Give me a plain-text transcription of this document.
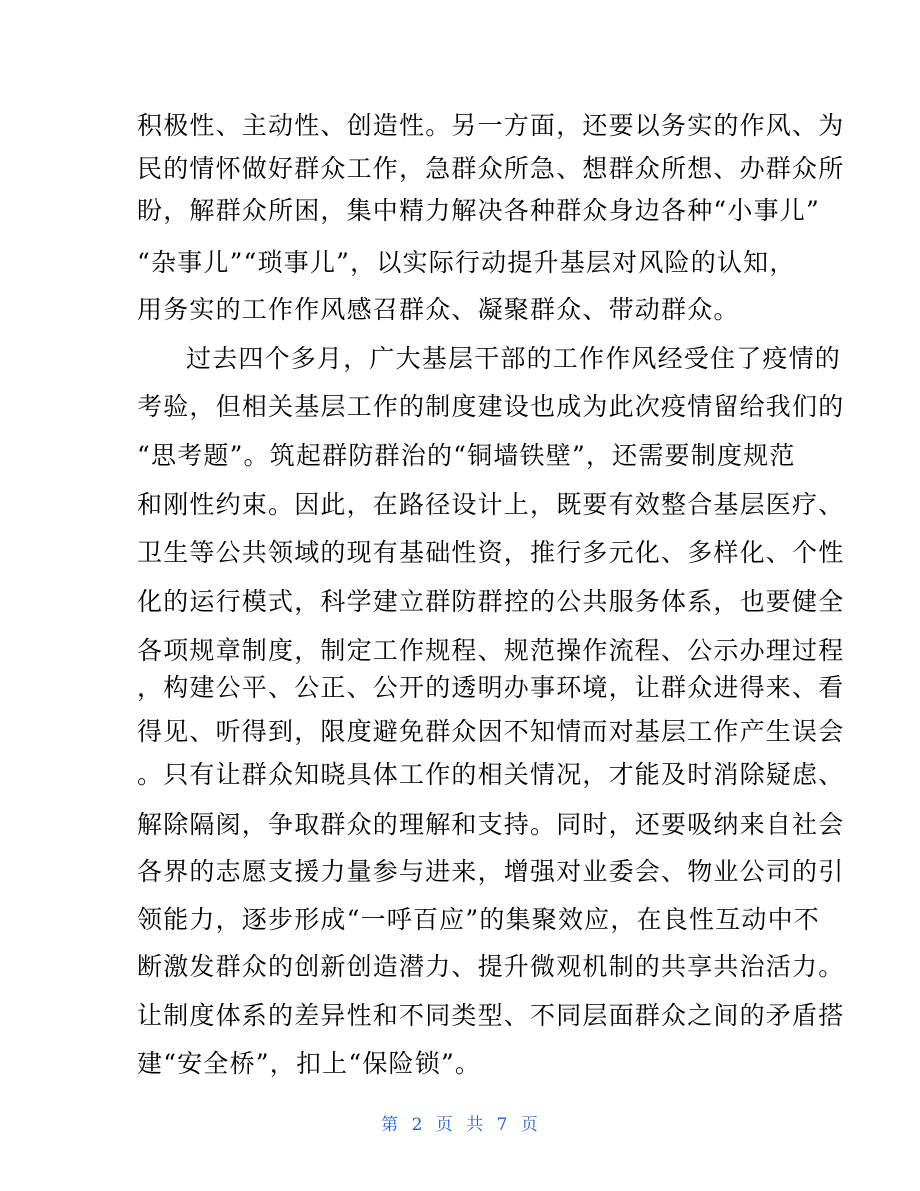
积极性、主动性、创造性。另一方面，还要以务实的作风、为
民的情怀做好群众工作，急群众所急、想群众所想、办群众所
盼，解群众所困，集中精力解决各种群众身边各种“小事儿”
“杂事儿”“琐事儿”，以实际行动提升基层对风险的认知，
用务实的工作作风感召群众、凝聚群众、带动群众。
过去四个多月，广大基层干部的工作作风经受住了疫情的
考验，但相关基层工作的制度建设也成为此次疫情留给我们的
“思考题”。筑起群防群治的“铜墙铁壁”，还需要制度规范
和刚性约束。因此，在路径设计上，既要有效整合基层医疗、
卫生等公共领域的现有基础性资，推行多元化、多样化、个性
化的运行模式，科学建立群防群控的公共服务体系，也要健全
各项规章制度，制定工作规程、规范操作流程、公示办理过程
，构建公平、公正、公开的透明办事环境，让群众进得来、看
得见、听得到，限度避免群众因不知情而对基层工作产生误会
。只有让群众知晓具体工作的相关情况，才能及时消除疑虑、
解除隔阂，争取群众的理解和支持。同时，还要吸纳来自社会
各界的志愿支援力量参与进来，增强对业委会、物业公司的引
领能力，逐步形成“一呼百应”的集聚效应，在良性互动中不
断激发群众的创新创造潜力、提升微观机制的共享共治活力。
让制度体系的差异性和不同类型、不同层面群众之间的矛盾搭
建“安全桥”，扣上“保险锁”。
第 2 页 共 7 页
